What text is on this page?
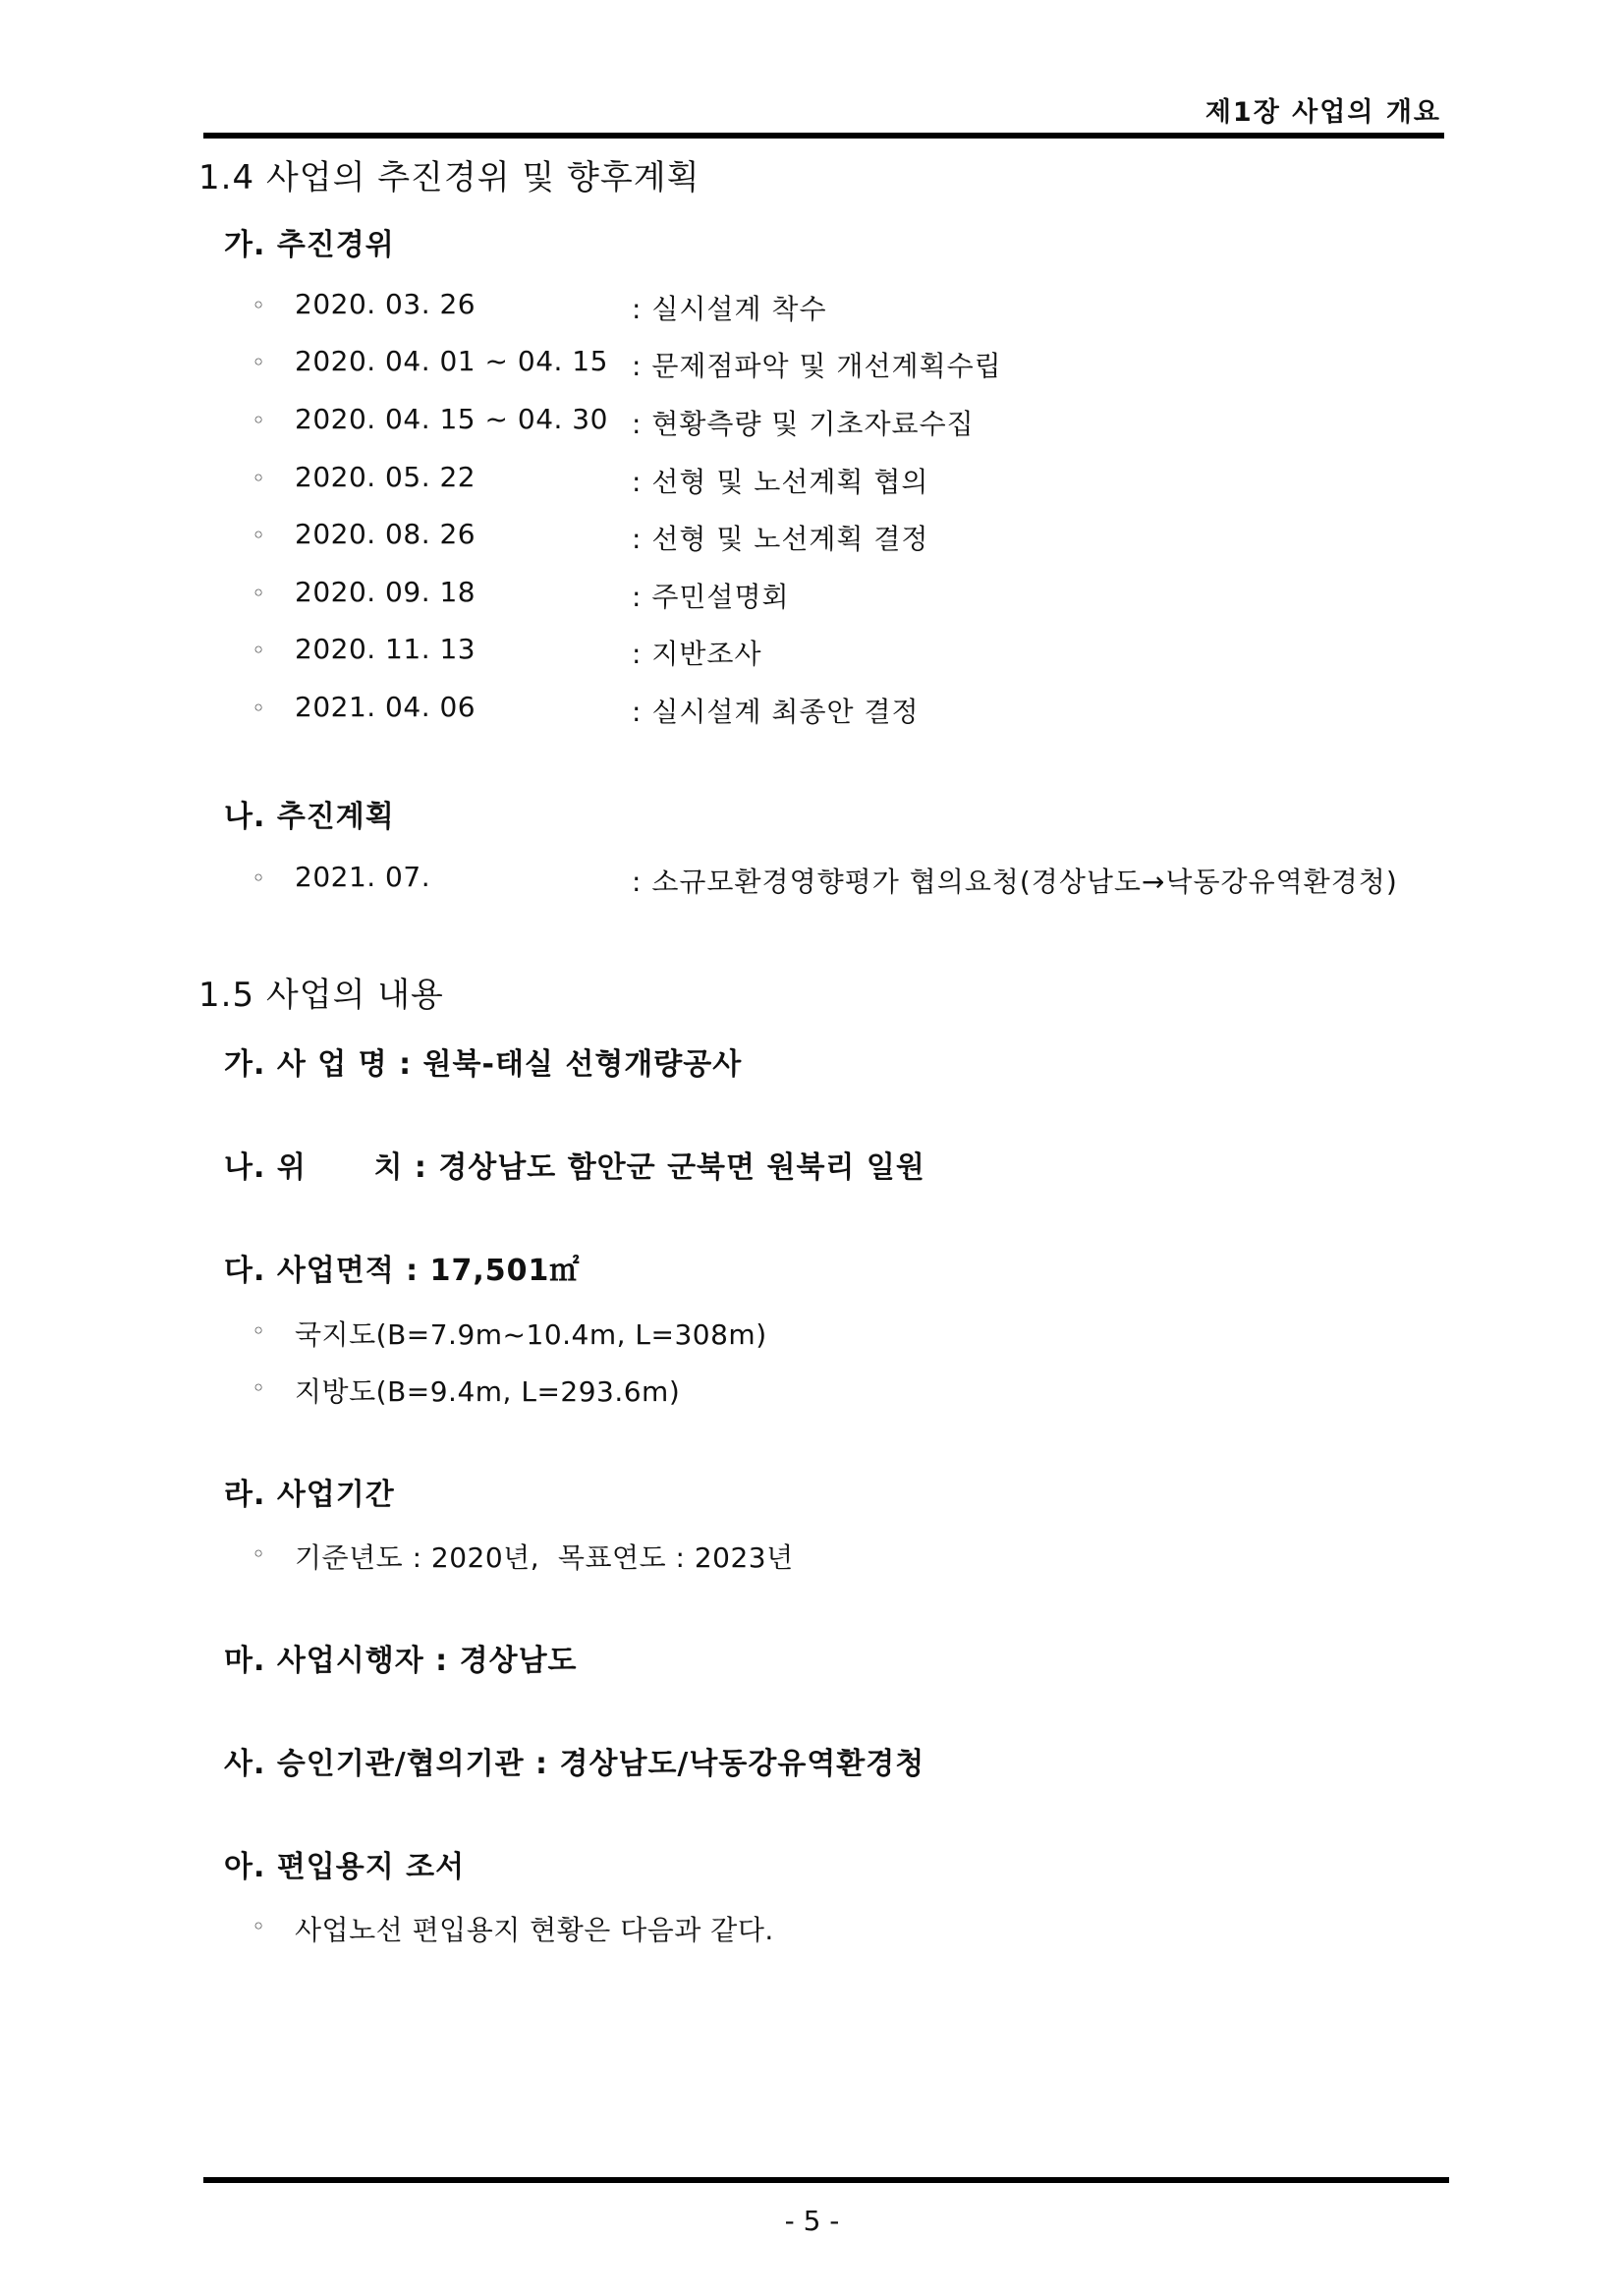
제1장 사업의 개요
1.4 사업의 추진경위 및 향후계획
가. 추진경위
◦ 2020. 03. 26	: 실시설계 착수
◦ 2020. 04. 01 ~ 04. 15 : 문제점파악 및 개선계획수립
◦ 2020. 04. 15 ~ 04. 30 : 현황측량 및 기초자료수집
◦ 2020. 05. 22	: 선형 및 노선계획 협의
◦ 2020. 08. 26	: 선형 및 노선계획 결정
◦ 2020. 09. 18	: 주민설명회
◦ 2020. 11. 13	: 지반조사
◦ 2021. 04. 06	: 실시설계 최종안 결정
나. 추진계획
◦ 2021. 07.	: 소규모환경영향평가 협의요청(경상남도→낙동강유역환경청)
1.5 사업의 내용
가. 사 업 명 : 원북-태실 선형개량공사
나. 위      치 : 경상남도 함안군 군북면 원북리 일원
다. 사업면적 : 17,501㎡
◦ 국지도(B=7.9m~10.4m, L=308m)
◦ 지방도(B=9.4m, L=293.6m)
라. 사업기간
◦ 기준년도 : 2020년,  목표연도 : 2023년
마. 사업시행자 : 경상남도
사. 승인기관/협의기관 : 경상남도/낙동강유역환경청
아. 편입용지 조서
◦ 사업노선 편입용지 현황은 다음과 같다.
- 5 -
